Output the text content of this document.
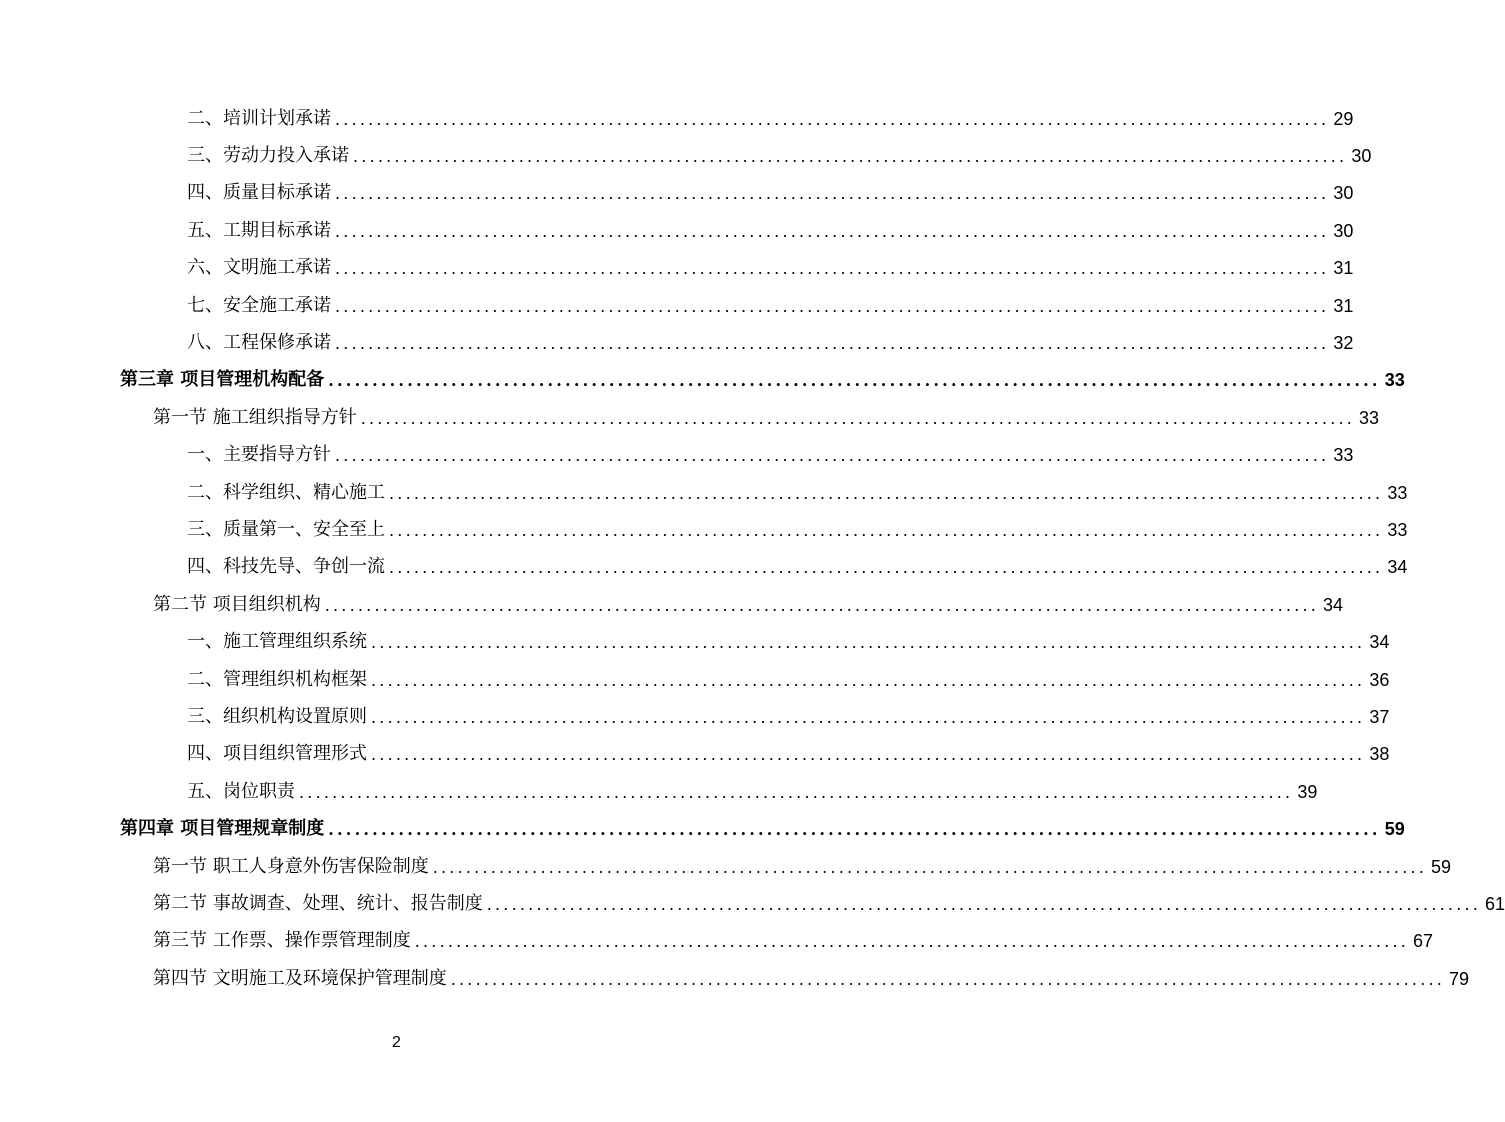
二、培训计划承诺 ........................................................................................................................ 29
三、劳动力投入承诺 ........................................................................................................................ 30
四、质量目标承诺 ........................................................................................................................ 30
五、工期目标承诺 ........................................................................................................................ 30
六、文明施工承诺 ........................................................................................................................ 31
七、安全施工承诺 ........................................................................................................................ 31
八、工程保修承诺 ........................................................................................................................ 32
第三章 项目管理机构配备 ........................................................................................................................ 33
第一节 施工组织指导方针 ........................................................................................................................ 33
一、主要指导方针 ........................................................................................................................ 33
二、科学组织、精心施工 ........................................................................................................................ 33
三、质量第一、安全至上 ........................................................................................................................ 33
四、科技先导、争创一流 ........................................................................................................................ 34
第二节 项目组织机构 ........................................................................................................................ 34
一、施工管理组织系统 ........................................................................................................................ 34
二、管理组织机构框架 ........................................................................................................................ 36
三、组织机构设置原则 ........................................................................................................................ 37
四、项目组织管理形式 ........................................................................................................................ 38
五、岗位职责 ........................................................................................................................ 39
第四章 项目管理规章制度 ........................................................................................................................ 59
第一节 职工人身意外伤害保险制度 ........................................................................................................................ 59
第二节 事故调查、处理、统计、报告制度 ........................................................................................................................ 61
第三节 工作票、操作票管理制度 ........................................................................................................................ 67
第四节 文明施工及环境保护管理制度 ........................................................................................................................ 79
2
